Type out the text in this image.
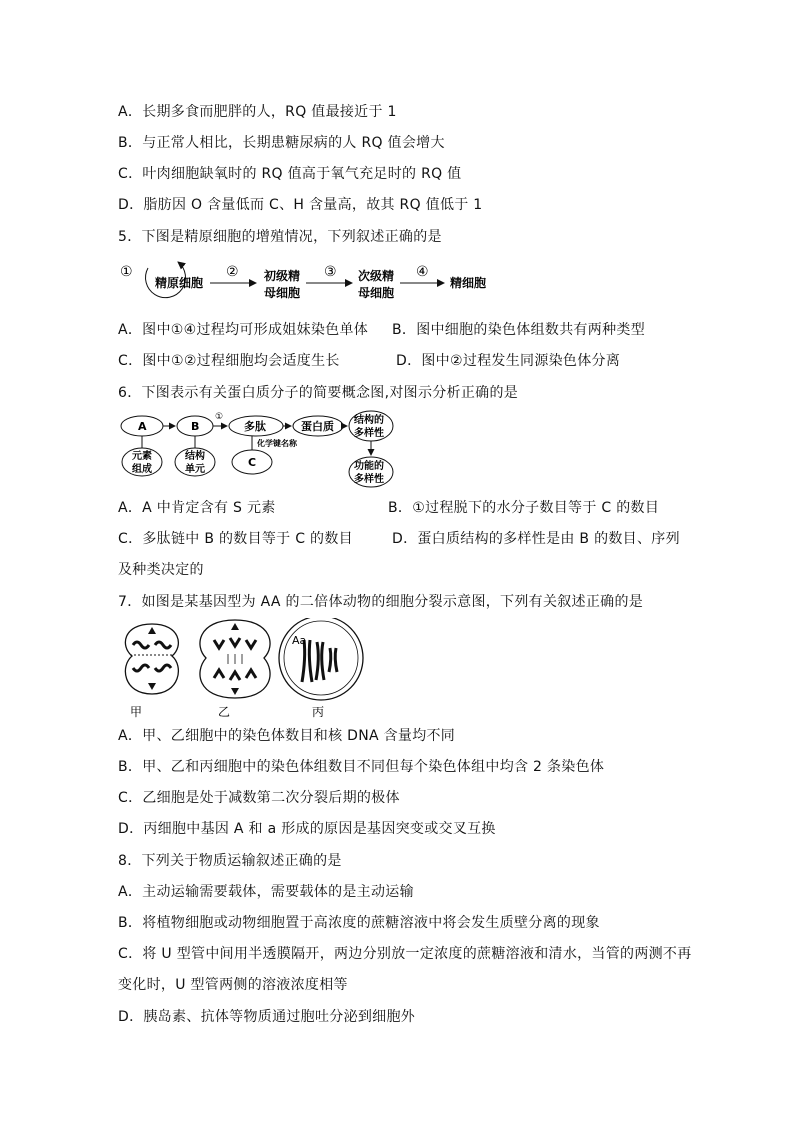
A．长期多食而肥胖的人，RQ 值最接近于 1
B．与正常人相比，长期患糖尿病的人 RQ 值会增大
C．叶肉细胞缺氧时的 RQ 值高于氧气充足时的 RQ 值
D．脂肪因 O 含量低而 C、H 含量高，故其 RQ 值低于 1
5．下图是精原细胞的增殖情况，下列叙述正确的是
①
精原细胞
② 初级精
母细胞
③ 次级精
母细胞
④
精细胞
A．图中①④过程均可形成姐妹染色单体 B．图中细胞的染色体组数共有两种类型
C．图中①②过程细胞均会适度生长	D．图中②过程发生同源染色体分离
6．下图表示有关蛋白质分子的简要概念图,对图示分析正确的是
A	B
①
多肽	蛋白质 结构的
多样性
功能的
多样性
元素
组成
结构
单元
C
化学键名称
A．A 中肯定含有 S 元素	B．①过程脱下的水分子数目等于 C 的数目
C．多肽链中 B 的数目等于 C 的数目	D．蛋白质结构的多样性是由 B 的数目、序列
及种类决定的
7．如图是某基因型为 AA 的二倍体动物的细胞分裂示意图，下列有关叙述正确的是
Aa
甲	乙	丙
A．甲、乙细胞中的染色体数目和核 DNA 含量均不同
B．甲、乙和丙细胞中的染色体组数目不同但每个染色体组中均含 2 条染色体
C．乙细胞是处于减数第二次分裂后期的极体
D．丙细胞中基因 A 和 a 形成的原因是基因突变或交叉互换
8．下列关于物质运输叙述正确的是
A．主动运输需要载体，需要载体的是主动运输
B．将植物细胞或动物细胞置于高浓度的蔗糖溶液中将会发生质壁分离的现象
C．将 U 型管中间用半透膜隔开，两边分别放一定浓度的蔗糖溶液和清水，当管的两测不再
变化时，U 型管两侧的溶液浓度相等
D．胰岛素、抗体等物质通过胞吐分泌到细胞外
